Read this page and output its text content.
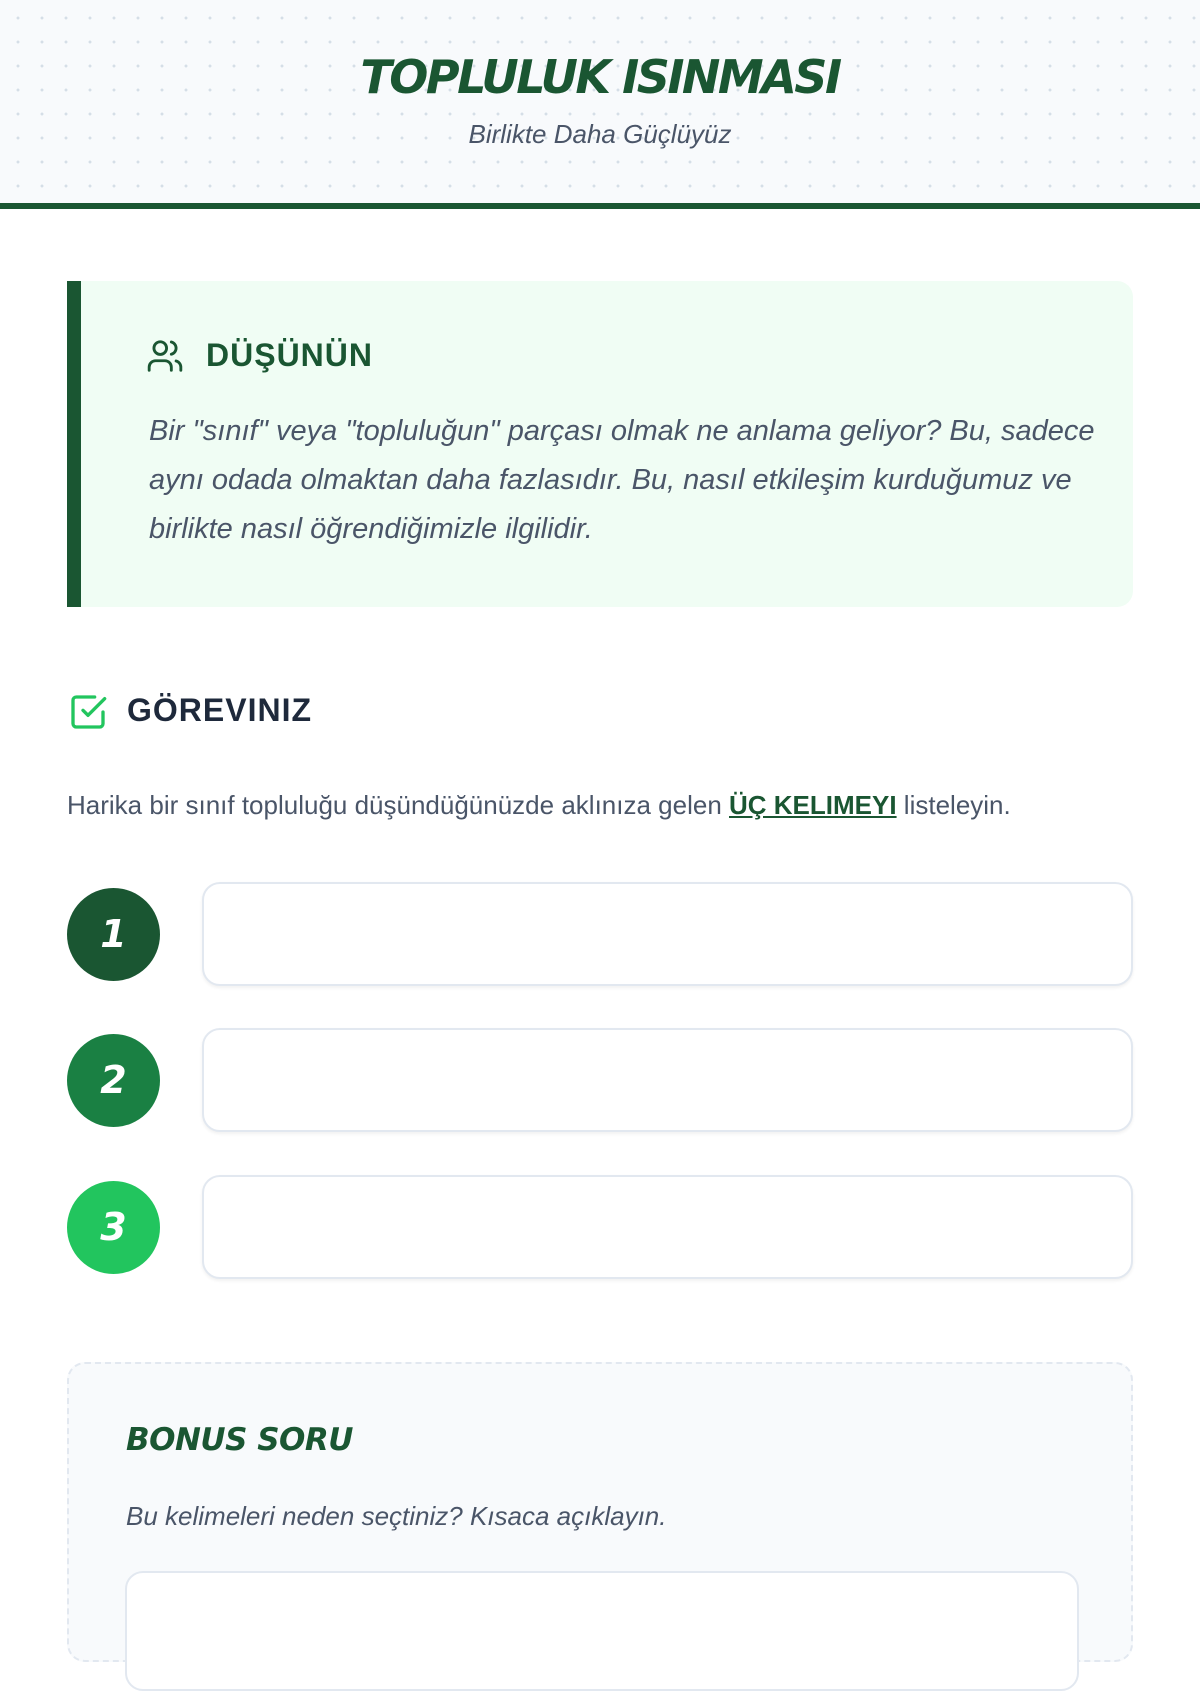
TOPLULUK ISINMASI
Birlikte Daha Güçlüyüz
DÜŞÜNÜN

Bir "sınıf" veya "topluluğun" parçası olmak ne anlama geliyor? Bu, sadece aynı odada olmaktan daha fazlasıdır. Bu, nasıl etkileşim kurduğumuz ve birlikte nasıl öğrendiğimizle ilgilidir.

GÖREVINIZ

Harika bir sınıf topluluğu düşündüğünüzde aklınıza gelen ÜÇ KELIMEYI listeleyin.

1
2
3
BONUS SORU
Bu kelimeleri neden seçtiniz? Kısaca açıklayın.
